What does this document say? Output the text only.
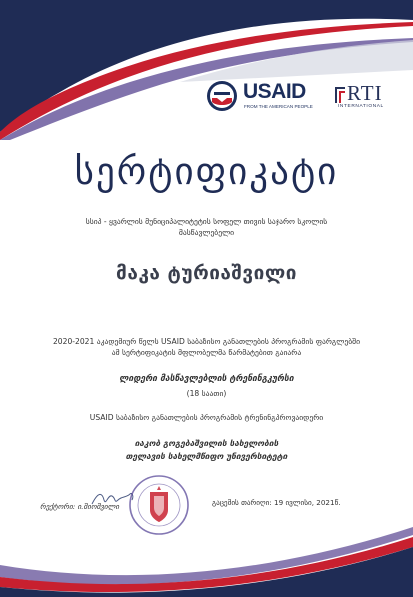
USAID
FROM THE AMERICAN PEOPLE
RTI
INTERNATIONAL
სერტიფიკატი
სსიპ - ყვარლის მუნიციპალიტეტის სოფელ თივის საჯარო სკოლის მასწავლებელი
მაკა ტურიაშვილი
2020-2021 აკადემიურ წელს USAID საბაზისო განათლების პროგრამის ფარგლებში ამ სერტიფიკატის მფლობელმა წარმატებით გაიარა
ლიდერი მასწავლებლის ტრენინგკურსი
(18 საათი)
USAID საბაზისო განათლების პროგრამის ტრენინგპროვაიდერი
იაკობ გოგებაშვილის სახელობის
თელავის სახელმწიფო უნივერსიტეტი
რექტორი: ი.შიოშვილი	გაცემის თარიღი: 19 ივლისი, 2021წ.
